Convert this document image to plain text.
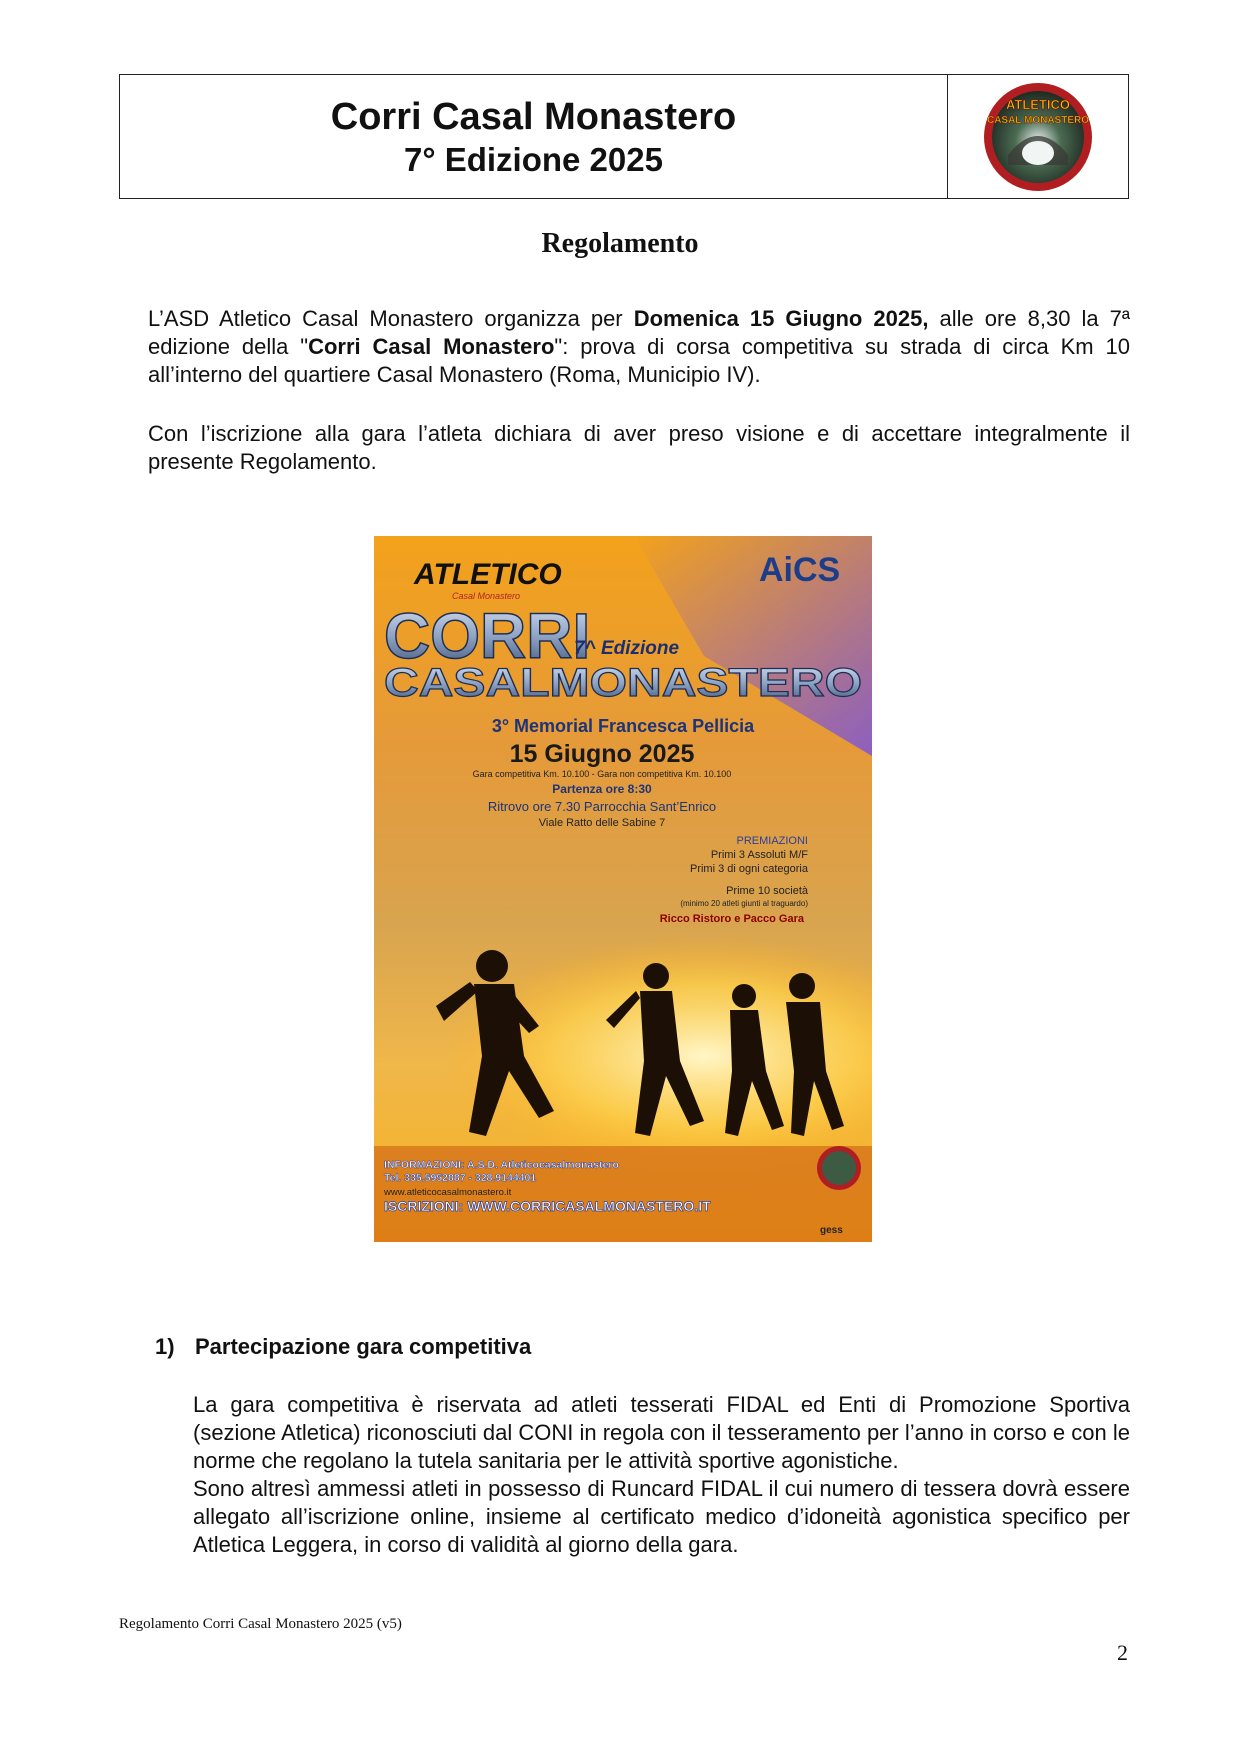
Corri Casal Monastero
7° Edizione 2025
ATLETICO
CASAL MONASTERO
Regolamento

L’ASD Atletico Casal Monastero organizza per Domenica 15 Giugno 2025, alle ore 8,30 la 7ª edizione della "Corri Casal Monastero": prova di corsa competitiva su strada di circa Km 10 all’interno del quartiere Casal Monastero (Roma, Municipio IV).

Con l’iscrizione alla gara l’atleta dichiara di aver preso visione e di accettare integralmente il presente Regolamento.

ATLETICO
Casal Monastero
AiCS
CORRI
7^ Edizione
CASALMONASTERO
3° Memorial Francesca Pellicia
15 Giugno 2025
Gara competitiva Km. 10.100 - Gara non competitiva Km. 10.100
Partenza ore 8:30
Ritrovo ore 7.30 Parrocchia Sant’Enrico
Viale Ratto delle Sabine 7
PREMIAZIONI
Primi 3 Assoluti M/F
Primi 3 di ogni categoria
Prime 10 società
(minimo 20 atleti giunti al traguardo)
Ricco Ristoro e Pacco Gara
INFORMAZIONI: A.S.D. Atleticocasalmonastero
Tel. 335.5952887 - 328.9144401
www.atleticocasalmonastero.it
ISCRIZIONI: WWW.CORRICASALMONASTERO.IT
gess
1) Partecipazione gara competitiva
La gara competitiva è riservata ad atleti tesserati FIDAL ed Enti di Promozione Sportiva (sezione Atletica) riconosciuti dal CONI in regola con il tesseramento per l’anno in corso e con le norme che regolano la tutela sanitaria per le attività sportive agonistiche.
Sono altresì ammessi atleti in possesso di Runcard FIDAL il cui numero di tessera dovrà essere allegato all’iscrizione online, insieme al certificato medico d’idoneità agonistica specifico per Atletica Leggera, in corso di validità al giorno della gara.
Regolamento Corri Casal Monastero 2025 (v5)
2
